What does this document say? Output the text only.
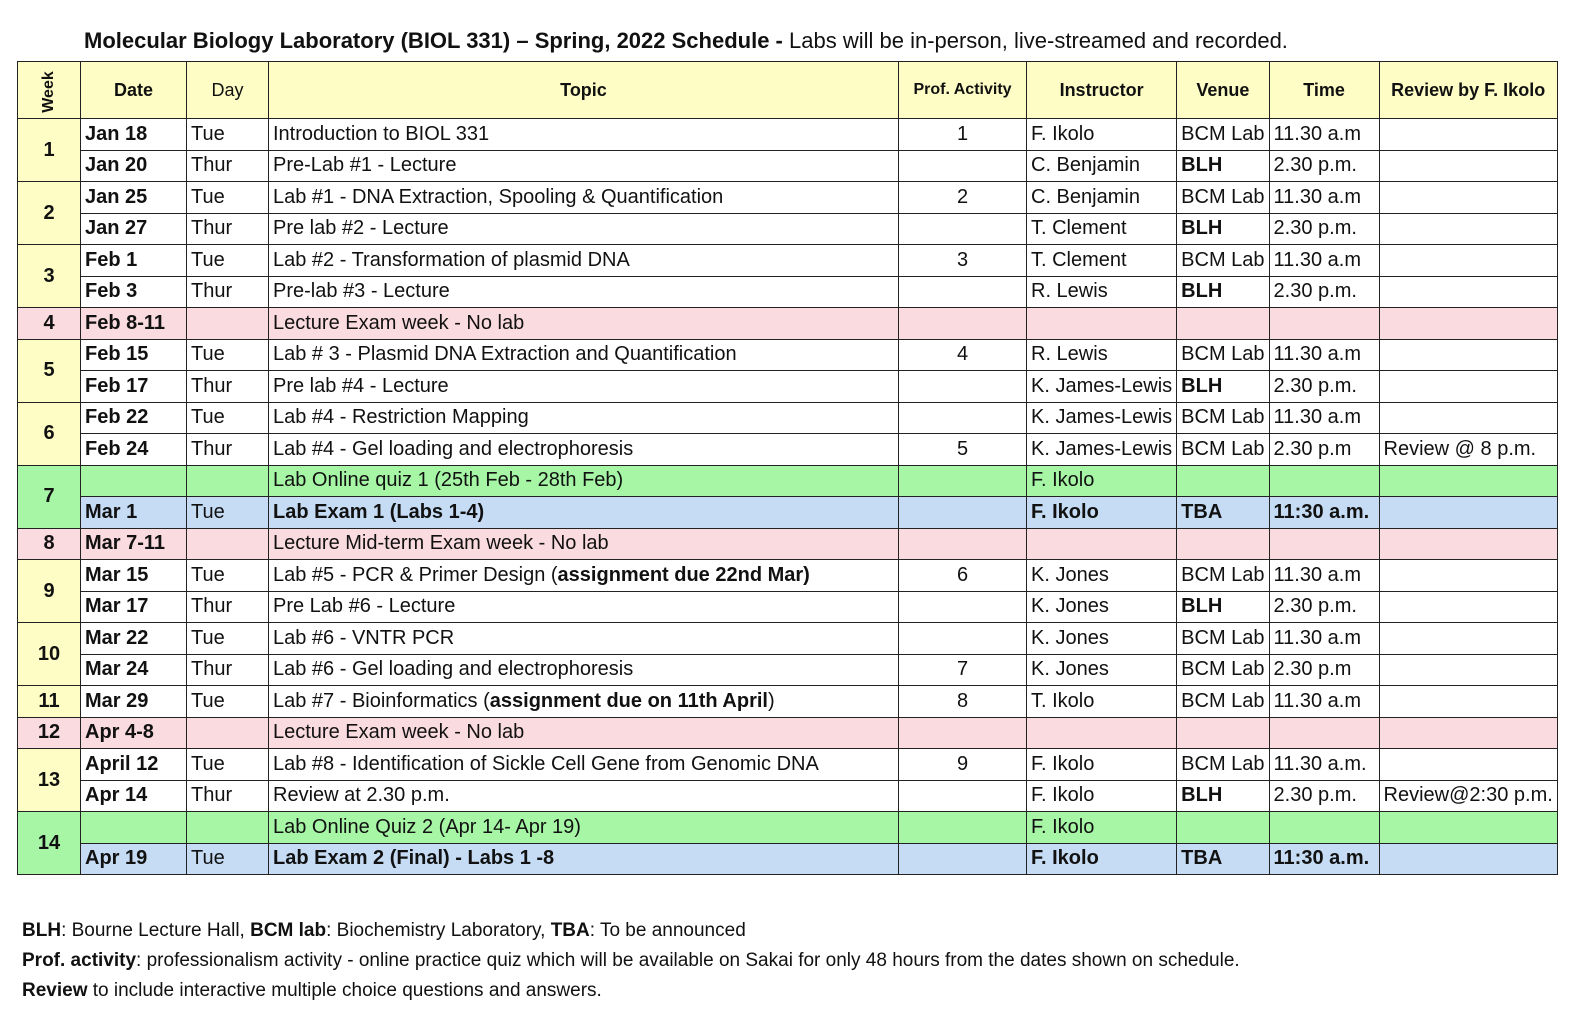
Molecular Biology Laboratory (BIOL 331) – Spring, 2022 Schedule - Labs will be in-person, live-streamed and recorded.
Week	Date	Day	Topic	Prof. Activity	Instructor	Venue	Time	Review by F. Ikolo
1	Jan 18	Tue	Introduction to BIOL 331	1	F. Ikolo	BCM Lab	11.30 a.m	
	Jan 20	Thur	Pre-Lab #1 - Lecture		C. Benjamin	BLH	2.30 p.m.	
2	Jan 25	Tue	Lab #1 - DNA Extraction, Spooling & Quantification	2	C. Benjamin	BCM Lab	11.30 a.m	
	Jan 27	Thur	Pre lab #2 - Lecture		T. Clement	BLH	2.30 p.m.	
3	Feb 1	Tue	Lab #2 - Transformation of plasmid DNA	3	T. Clement	BCM Lab	11.30 a.m	
	Feb 3	Thur	Pre-lab #3 - Lecture		R. Lewis	BLH	2.30 p.m.	
4	Feb 8-11		Lecture Exam week - No lab					
5	Feb 15	Tue	Lab # 3 - Plasmid DNA Extraction and Quantification	4	R. Lewis	BCM Lab	11.30 a.m	
	Feb 17	Thur	Pre lab #4 - Lecture		K. James-Lewis	BLH	2.30 p.m.	
6	Feb 22	Tue	Lab #4 - Restriction Mapping		K. James-Lewis	BCM Lab	11.30 a.m	
	Feb 24	Thur	Lab #4 - Gel loading and electrophoresis	5	K. James-Lewis	BCM Lab	2.30 p.m	Review @ 8 p.m.
7			Lab Online quiz 1 (25th Feb - 28th Feb)		F. Ikolo			
	Mar 1	Tue	Lab Exam 1 (Labs 1-4)		F. Ikolo	TBA	11:30 a.m.	
8	Mar 7-11		Lecture Mid-term Exam week - No lab					
9	Mar 15	Tue	Lab #5 - PCR & Primer Design (assignment due 22nd Mar)	6	K. Jones	BCM Lab	11.30 a.m	
	Mar 17	Thur	Pre Lab #6 - Lecture		K. Jones	BLH	2.30 p.m.	
10	Mar 22	Tue	Lab #6 - VNTR PCR		K. Jones	BCM Lab	11.30 a.m	
	Mar 24	Thur	Lab #6 - Gel loading and electrophoresis	7	K. Jones	BCM Lab	2.30 p.m	
11	Mar 29	Tue	Lab #7 - Bioinformatics (assignment due on 11th April)	8	T. Ikolo	BCM Lab	11.30 a.m	
12	Apr 4-8		Lecture Exam week - No lab					
13	April 12	Tue	Lab #8 - Identification of Sickle Cell Gene from Genomic DNA	9	F. Ikolo	BCM Lab	11.30 a.m.	
	Apr 14	Thur	Review at 2.30 p.m.		F. Ikolo	BLH	2.30 p.m.	Review@2:30 p.m.
14			Lab Online Quiz 2 (Apr 14- Apr 19)		F. Ikolo			
	Apr 19	Tue	Lab Exam 2 (Final) - Labs 1 -8		F. Ikolo	TBA	11:30 a.m.	
BLH: Bourne Lecture Hall, BCM lab: Biochemistry Laboratory, TBA: To be announced
Prof. activity: professionalism activity - online practice quiz which will be available on Sakai for only 48 hours from the dates shown on schedule.
Review to include interactive multiple choice questions and answers.
